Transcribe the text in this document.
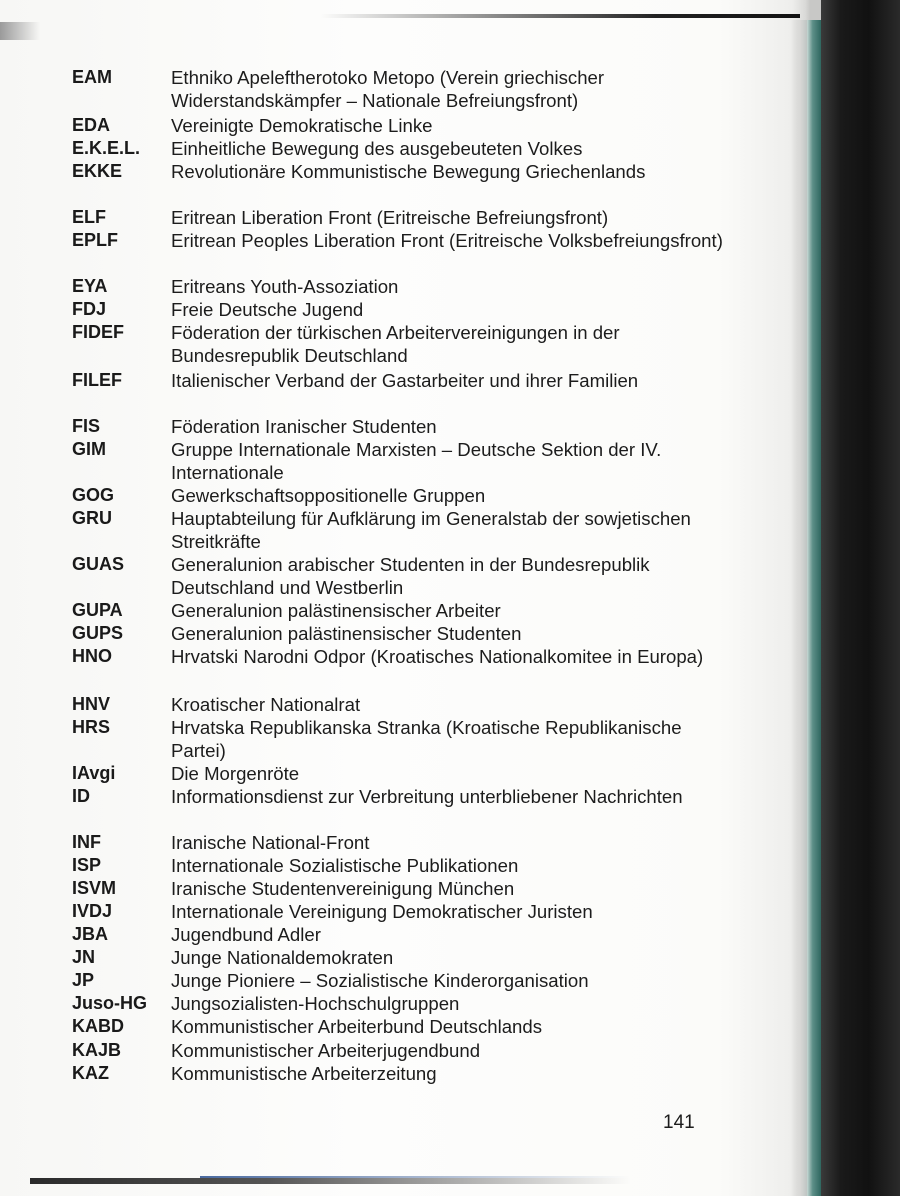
EAM	Ethniko Apeleftherotoko Metopo (Verein griechischer Widerstandskämpfer – Nationale Befreiungsfront)
EDA	Vereinigte Demokratische Linke
E.K.E.L.	Einheitliche Bewegung des ausgebeuteten Volkes
EKKE	Revolutionäre Kommunistische Bewegung Griechenlands
ELF	Eritrean Liberation Front (Eritreische Befreiungsfront)
EPLF	Eritrean Peoples Liberation Front (Eritreische Volksbefreiungsfront)
EYA	Eritreans Youth-Assoziation
FDJ	Freie Deutsche Jugend
FIDEF	Föderation der türkischen Arbeitervereinigungen in der Bundesrepublik Deutschland
FILEF	Italienischer Verband der Gastarbeiter und ihrer Familien
FIS	Föderation Iranischer Studenten
GIM	Gruppe Internationale Marxisten – Deutsche Sektion der IV. Internationale
GOG	Gewerkschaftsoppositionelle Gruppen
GRU	Hauptabteilung für Aufklärung im Generalstab der sowjetischen Streitkräfte
GUAS	Generalunion arabischer Studenten in der Bundesrepublik Deutschland und Westberlin
GUPA	Generalunion palästinensischer Arbeiter
GUPS	Generalunion palästinensischer Studenten
HNO	Hrvatski Narodni Odpor (Kroatisches Nationalkomitee in Europa)
HNV	Kroatischer Nationalrat
HRS	Hrvatska Republikanska Stranka (Kroatische Republikanische Partei)
IAvgi	Die Morgenröte
ID	Informationsdienst zur Verbreitung unterbliebener Nachrichten
INF	Iranische National-Front
ISP	Internationale Sozialistische Publikationen
ISVM	Iranische Studentenvereinigung München
IVDJ	Internationale Vereinigung Demokratischer Juristen
JBA	Jugendbund Adler
JN	Junge Nationaldemokraten
JP	Junge Pioniere – Sozialistische Kinderorganisation
Juso-HG	Jungsozialisten-Hochschulgruppen
KABD	Kommunistischer Arbeiterbund Deutschlands
KAJB	Kommunistischer Arbeiterjugendbund
KAZ	Kommunistische Arbeiterzeitung
141
